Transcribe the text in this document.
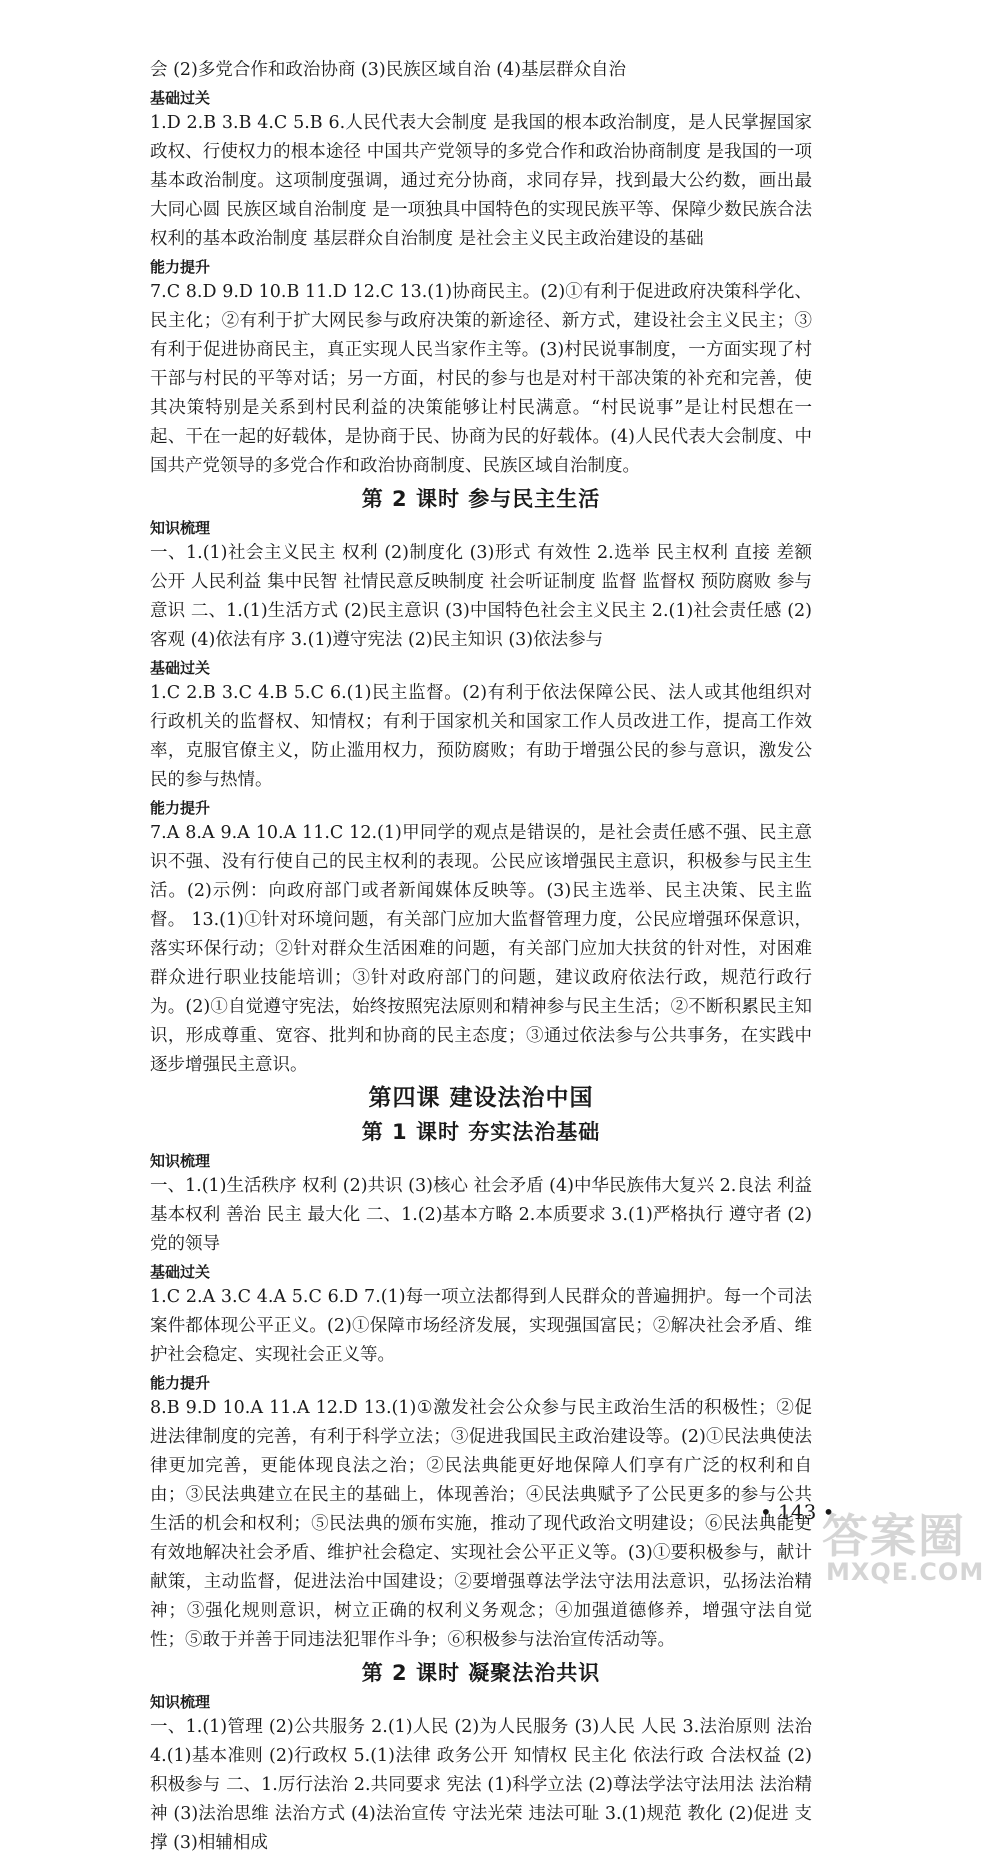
会 (2)多党合作和政治协商 (3)民族区域自治 (4)基层群众自治

基础过关

1.D 2.B 3.B 4.C 5.B 6.人民代表大会制度 是我国的根本政治制度，是人民掌握国家政权、行使权力的根本途径 中国共产党领导的多党合作和政治协商制度 是我国的一项基本政治制度。这项制度强调，通过充分协商，求同存异，找到最大公约数，画出最大同心圆 民族区域自治制度 是一项独具中国特色的实现民族平等、保障少数民族合法权利的基本政治制度 基层群众自治制度 是社会主义民主政治建设的基础

能力提升

7.C 8.D 9.D 10.B 11.D 12.C 13.(1)协商民主。(2)①有利于促进政府决策科学化、民主化；②有利于扩大网民参与政府决策的新途径、新方式，建设社会主义民主；③有利于促进协商民主，真正实现人民当家作主等。(3)村民说事制度，一方面实现了村干部与村民的平等对话；另一方面，村民的参与也是对村干部决策的补充和完善，使其决策特别是关系到村民利益的决策能够让村民满意。“村民说事”是让村民想在一起、干在一起的好载体，是协商于民、协商为民的好载体。(4)人民代表大会制度、中国共产党领导的多党合作和政治协商制度、民族区域自治制度。

第 2 课时 参与民主生活

知识梳理

一、1.(1)社会主义民主 权利 (2)制度化 (3)形式 有效性 2.选举 民主权利 直接 差额 公开 人民利益 集中民智 社情民意反映制度 社会听证制度 监督 监督权 预防腐败 参与意识 二、1.(1)生活方式 (2)民主意识 (3)中国特色社会主义民主 2.(1)社会责任感 (2)客观 (4)依法有序 3.(1)遵守宪法 (2)民主知识 (3)依法参与

基础过关

1.C 2.B 3.C 4.B 5.C 6.(1)民主监督。(2)有利于依法保障公民、法人或其他组织对行政机关的监督权、知情权；有利于国家机关和国家工作人员改进工作，提高工作效率，克服官僚主义，防止滥用权力，预防腐败；有助于增强公民的参与意识，激发公民的参与热情。

能力提升

7.A 8.A 9.A 10.A 11.C 12.(1)甲同学的观点是错误的，是社会责任感不强、民主意识不强、没有行使自己的民主权利的表现。公民应该增强民主意识，积极参与民主生活。(2)示例：向政府部门或者新闻媒体反映等。(3)民主选举、民主决策、民主监督。 13.(1)①针对环境问题，有关部门应加大监督管理力度，公民应增强环保意识，落实环保行动；②针对群众生活困难的问题，有关部门应加大扶贫的针对性，对困难群众进行职业技能培训；③针对政府部门的问题，建议政府依法行政，规范行政行为。(2)①自觉遵守宪法，始终按照宪法原则和精神参与民主生活；②不断积累民主知识，形成尊重、宽容、批判和协商的民主态度；③通过依法参与公共事务，在实践中逐步增强民主意识。

第四课 建设法治中国

第 1 课时 夯实法治基础

知识梳理

一、1.(1)生活秩序 权利 (2)共识 (3)核心 社会矛盾 (4)中华民族伟大复兴 2.良法 利益 基本权利 善治 民主 最大化 二、1.(2)基本方略 2.本质要求 3.(1)严格执行 遵守者 (2)党的领导

基础过关

1.C 2.A 3.C 4.A 5.C 6.D 7.(1)每一项立法都得到人民群众的普遍拥护。每一个司法案件都体现公平正义。(2)①保障市场经济发展，实现强国富民；②解决社会矛盾、维护社会稳定、实现社会正义等。

能力提升

8.B 9.D 10.A 11.A 12.D 13.(1)①激发社会公众参与民主政治生活的积极性；②促进法律制度的完善，有利于科学立法；③促进我国民主政治建设等。(2)①民法典使法律更加完善，更能体现良法之治；②民法典能更好地保障人们享有广泛的权利和自由；③民法典建立在民主的基础上，体现善治；④民法典赋予了公民更多的参与公共生活的机会和权利；⑤民法典的颁布实施，推动了现代政治文明建设；⑥民法典能更有效地解决社会矛盾、维护社会稳定、实现社会公平正义等。(3)①要积极参与，献计献策，主动监督，促进法治中国建设；②要增强尊法学法守法用法意识，弘扬法治精神；③强化规则意识，树立正确的权利义务观念；④加强道德修养，增强守法自觉性；⑤敢于并善于同违法犯罪作斗争；⑥积极参与法治宣传活动等。

第 2 课时 凝聚法治共识

知识梳理

一、1.(1)管理 (2)公共服务 2.(1)人民 (2)为人民服务 (3)人民 人民 3.法治原则 法治 4.(1)基本准则 (2)行政权 5.(1)法律 政务公开 知情权 民主化 依法行政 合法权益 (2)积极参与 二、1.厉行法治 2.共同要求 宪法 (1)科学立法 (2)尊法学法守法用法 法治精神 (3)法治思维 法治方式 (4)法治宣传 守法光荣 违法可耻 3.(1)规范 教化 (2)促进 支撑 (3)相辅相成

• 143 •
答案圈
MXQE.COM
